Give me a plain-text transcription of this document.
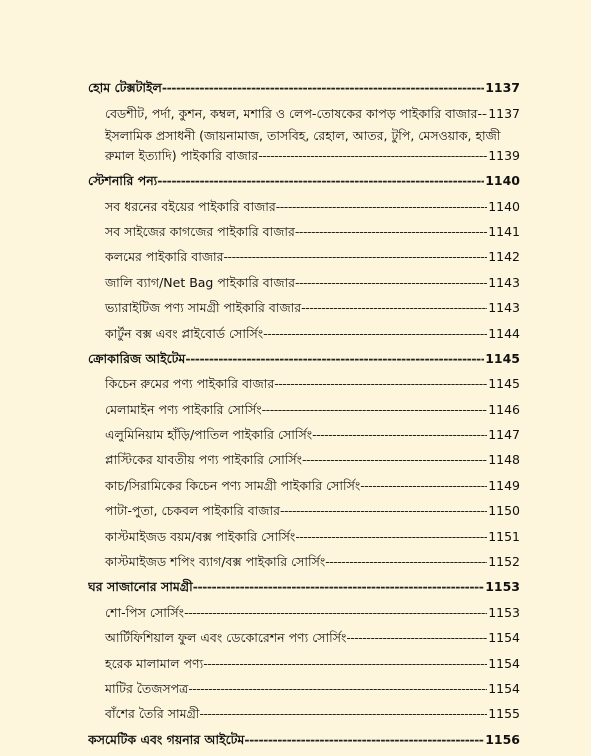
হোম টেক্সটাইল -----	1137
বেডশীট, পর্দা, কুশন, কম্বল, মশারি ও লেপ-তোষকের কাপড় পাইকারি বাজার- ----- 1137
ইসলামিক প্রসাধনী (জায়নামাজ, তাসবিহ, রেহাল, আতর, টুপি, মেসওয়াক, হাজী
রুমাল ইত্যাদি) পাইকারি বাজার -----	1139
স্টেশনারি পন্য -----	1140
সব ধরনের বইয়ের পাইকারি বাজার -----	1140
সব সাইজের কাগজের পাইকারি বাজার -----	1141
কলমের পাইকারি বাজার -----	1142
জালি ব্যাগ/Net Bag পাইকারি বাজার -----	1143
ভ্যারাইটিজ পণ্য সামগ্রী পাইকারি বাজার -----	1143
কার্টুন বক্স এবং প্লাইবোর্ড সোর্সিং -----	1144
ক্রোকারিজ আইটেম -----	1145
কিচেন রুমের পণ্য পাইকারি বাজার -----	1145
মেলামাইন পণ্য পাইকারি সোর্সিং -----	1146
এলুমিনিয়াম হাঁড়ি/পাতিল পাইকারি সোর্সিং -----	1147
প্লাস্টিকের যাবতীয় পণ্য পাইকারি সোর্সিং -----	1148
কাচ/সিরামিকের কিচেন পণ্য সামগ্রী পাইকারি সোর্সিং -----	1149
পাটা-পুতা, চেকবল পাইকারি বাজার -----	1150
কাস্টমাইজড বয়ম/বক্স পাইকারি সোর্সিং -----	1151
কাস্টমাইজড শপিং ব্যাগ/বক্স পাইকারি সোর্সিং -----	1152
ঘর সাজানোর সামগ্রী -----	1153
শো-পিস সোর্সিং -----	1153
আর্টিফিশিয়াল ফুল এবং ডেকোরেশন পণ্য সোর্সিং -----	1154
হরেক মালামাল পণ্য -----	1154
মাটির তৈজসপত্র -----	1154
বাঁশের তৈরি সামগ্রী -----	1155
কসমেটিক এবং গয়নার আইটেম -----	1156
